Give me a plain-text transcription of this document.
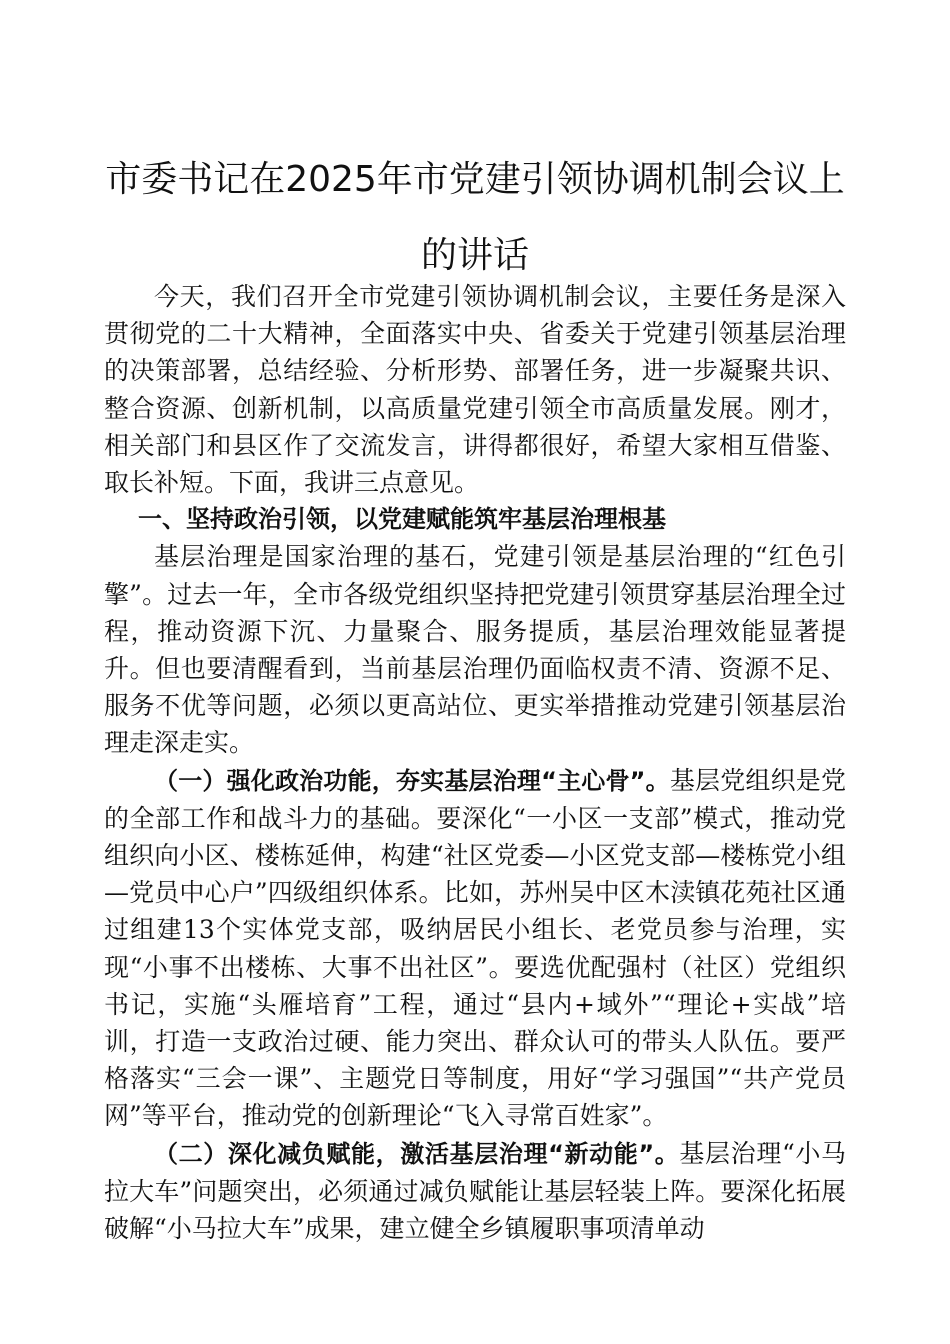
市委书记在2025年市党建引领协调机制会议上
的讲话

今天，我们召开全市党建引领协调机制会议，主要任务是深入贯彻党的二十大精神，全面落实中央、省委关于党建引领基层治理的决策部署，总结经验、分析形势、部署任务，进一步凝聚共识、整合资源、创新机制，以高质量党建引领全市高质量发展。刚才，相关部门和县区作了交流发言，讲得都很好，希望大家相互借鉴、取长补短。下面，我讲三点意见。

一、坚持政治引领，以党建赋能筑牢基层治理根基

基层治理是国家治理的基石，党建引领是基层治理的“红色引擎”。过去一年，全市各级党组织坚持把党建引领贯穿基层治理全过程，推动资源下沉、力量聚合、服务提质，基层治理效能显著提升。但也要清醒看到，当前基层治理仍面临权责不清、资源不足、服务不优等问题，必须以更高站位、更实举措推动党建引领基层治理走深走实。

（一）强化政治功能，夯实基层治理“主心骨”。基层党组织是党的全部工作和战斗力的基础。要深化“一小区一支部”模式，推动党组织向小区、楼栋延伸，构建“社区党委—小区党支部—楼栋党小组—党员中心户”四级组织体系。比如，苏州吴中区木渎镇花苑社区通过组建13个实体党支部，吸纳居民小组长、老党员参与治理，实现“小事不出楼栋、大事不出社区”。要选优配强村（社区）党组织书记，实施“头雁培育”工程，通过“县内+域外”“理论+实战”培训，打造一支政治过硬、能力突出、群众认可的带头人队伍。要严格落实“三会一课”、主题党日等制度，用好“学习强国”“共产党员网”等平台，推动党的创新理论“飞入寻常百姓家”。

（二）深化减负赋能，激活基层治理“新动能”。基层治理“小马拉大车”问题突出，必须通过减负赋能让基层轻装上阵。要深化拓展破解“小马拉大车”成果，建立健全乡镇履职事项清单动
